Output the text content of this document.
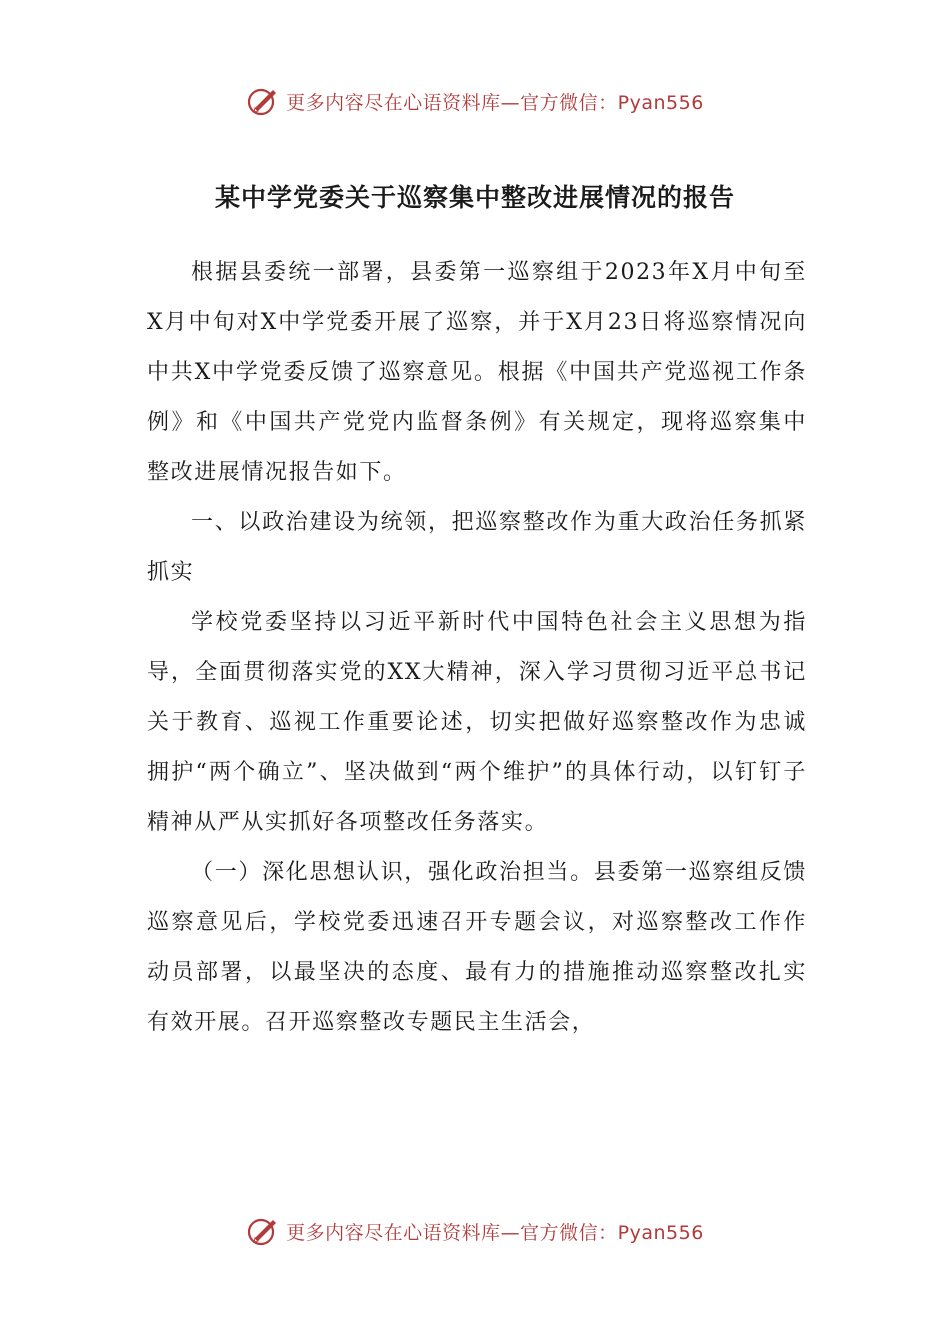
更多内容尽在心语资料库—官方微信：Pyan556
某中学党委关于巡察集中整改进展情况的报告

根据县委统一部署，县委第一巡察组于2023年X月中旬至X月中旬对X中学党委开展了巡察，并于X月23日将巡察情况向中共X中学党委反馈了巡察意见。根据《中国共产党巡视工作条例》和《中国共产党党内监督条例》有关规定，现将巡察集中整改进展情况报告如下。

一、以政治建设为统领，把巡察整改作为重大政治任务抓紧抓实

学校党委坚持以习近平新时代中国特色社会主义思想为指导，全面贯彻落实党的XX大精神，深入学习贯彻习近平总书记关于教育、巡视工作重要论述，切实把做好巡察整改作为忠诚拥护“两个确立”、坚决做到“两个维护”的具体行动，以钉钉子精神从严从实抓好各项整改任务落实。

（一）深化思想认识，强化政治担当。县委第一巡察组反馈巡察意见后，学校党委迅速召开专题会议，对巡察整改工作作动员部署，以最坚决的态度、最有力的措施推动巡察整改扎实有效开展。召开巡察整改专题民主生活会，

更多内容尽在心语资料库—官方微信：Pyan556
